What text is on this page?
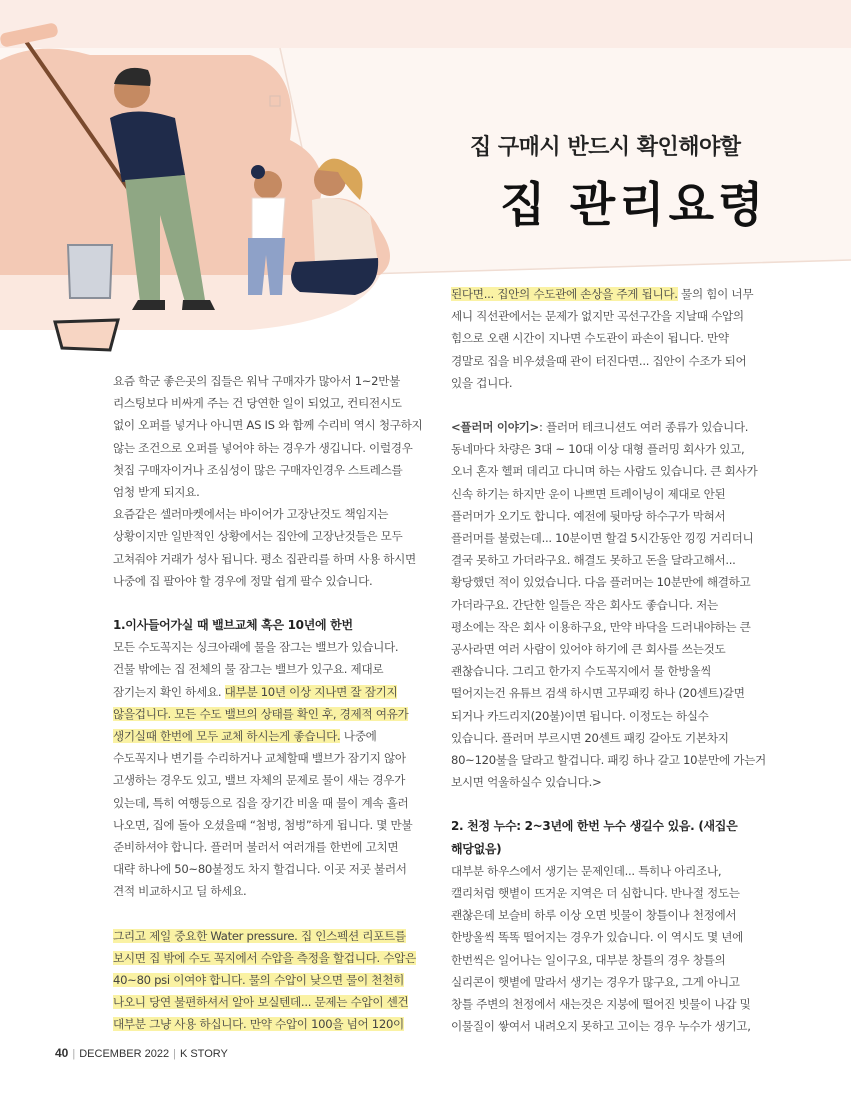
집 구매시 반드시 확인해야할
집 관리요령

요즘 학군 좋은곳의 집들은 워낙 구매자가 많아서 1~2만불

리스팅보다 비싸게 주는 건 당연한 일이 되었고, 컨티전시도

없이 오퍼를 넣거나 아니면 AS IS 와 함께 수리비 역시 청구하지

않는 조건으로 오퍼를 넣어야 하는 경우가 생깁니다. 이럴경우

첫집 구매자이거나 조심성이 많은 구매자인경우 스트레스를

엄청 받게 되지요.

요즘같은 셀러마켓에서는 바이어가 고장난것도 책임지는

상황이지만 일반적인 상황에서는 집안에 고장난것들은 모두

고쳐줘야 거래가 성사 됩니다. 평소 집관리를 하며 사용 하시면

나중에 집 팔아야 할 경우에 정말 쉽게 팔수 있습니다.

1.이사들어가실 때 밸브교체 혹은 10년에 한번

모든 수도꼭지는 싱크아래에 물을 잠그는 밸브가 있습니다.

건물 밖에는 집 전체의 물 잠그는 밸브가 있구요. 제대로

잠기는지 확인 하세요. 대부분 10년 이상 지나면 잘 잠기지

않을겁니다. 모든 수도 밸브의 상태를 확인 후, 경제적 여유가

생기실때 한번에 모두 교체 하시는게 좋습니다. 나중에

수도꼭지나 변기를 수리하거나 교체할때 밸브가 잠기지 않아

고생하는 경우도 있고, 밸브 자체의 문제로 물이 새는 경우가

있는데, 특히 여행등으로 집을 장기간 비울 때 물이 계속 흘러

나오면, 집에 돌아 오셨을때 “첨벙, 첨벙”하게 됩니다. 몇 만불

준비하셔야 합니다. 플러머 불러서 여러개를 한번에 고치면

대략 하나에 50~80불정도 차지 할겁니다. 이곳 저곳 불러서

견적 비교하시고 딜 하세요.

그리고 제일 중요한 Water pressure. 집 인스펙션 리포트를

보시면 집 밖에 수도 꼭지에서 수압을 측정을 할겁니다. 수압은

40~80 psi 이여야 합니다. 물의 수압이 낮으면 물이 천천히

나오니 당연 불편하셔서 알아 보실텐데... 문제는 수압이 센건

대부분 그냥 사용 하십니다. 만약 수압이 100을 넘어 120이

된다면... 집안의 수도관에 손상을 주게 됩니다. 물의 힘이 너무

세니 직선관에서는 문제가 없지만 곡선구간을 지날때 수압의

힘으로 오랜 시간이 지나면 수도관이 파손이 됩니다. 만약

경말로 집을 비우셨을때 관이 터진다면... 집안이 수조가 되어

있을 겁니다.

<플러머 이야기>: 플러머 테크니션도 여러 종류가 있습니다.

동네마다 차량은 3대 ~ 10대 이상 대형 플러밍 회사가 있고,

오너 혼자 헬퍼 데리고 다니며 하는 사람도 있습니다. 큰 회사가

신속 하기는 하지만 운이 나쁘면 트레이닝이 제대로 안된

플러머가 오기도 합니다. 예전에 뒷마당 하수구가 막혀서

플러머를 불렀는데... 10분이면 할걸 5시간동안 낑낑 거리더니

결국 못하고 가더라구요. 해결도 못하고 돈을 달라고해서...

황당했던 적이 있었습니다. 다음 플러머는 10분만에 해결하고

가더라구요. 간단한 일들은 작은 회사도 좋습니다. 저는

평소에는 작은 회사 이용하구요, 만약 바닥을 드러내야하는 큰

공사라면 여러 사람이 있어야 하기에 큰 회사를 쓰는것도

괜찮습니다. 그리고 한가지 수도꼭지에서 물 한방울씩

떨어지는건 유튜브 검색 하시면 고무패킹 하나 (20센트)갈면

되거나 카드리지(20불)이면 됩니다. 이정도는 하실수

있습니다. 플러머 부르시면 20센트 패킹 갈아도 기본차지

80~120불을 달라고 할겁니다. 패킹 하나 갈고 10분만에 가는거

보시면 억울하실수 있습니다.>

2. 천정 누수: 2~3년에 한번 누수 생길수 있음. (새집은

해당없음)

대부분 하우스에서 생기는 문제인데... 특히나 아리조나,

캘리처럼 햇볕이 뜨거운 지역은 더 심합니다. 반나절 정도는

괜찮은데 보슬비 하루 이상 오면 빗물이 창틀이나 천정에서

한방울씩 똑똑 떨어지는 경우가 있습니다. 이 역시도 몇 년에

한번씩은 일어나는 일이구요, 대부분 창틀의 경우 창틀의

실리콘이 햇볕에 말라서 생기는 경우가 많구요, 그게 아니고

창틀 주변의 천정에서 새는것은 지붕에 떨어진 빗물이 나갑 및

이물질이 쌓여서 내려오지 못하고 고이는 경우 누수가 생기고,

40 | DECEMBER 2022 | K STORY
